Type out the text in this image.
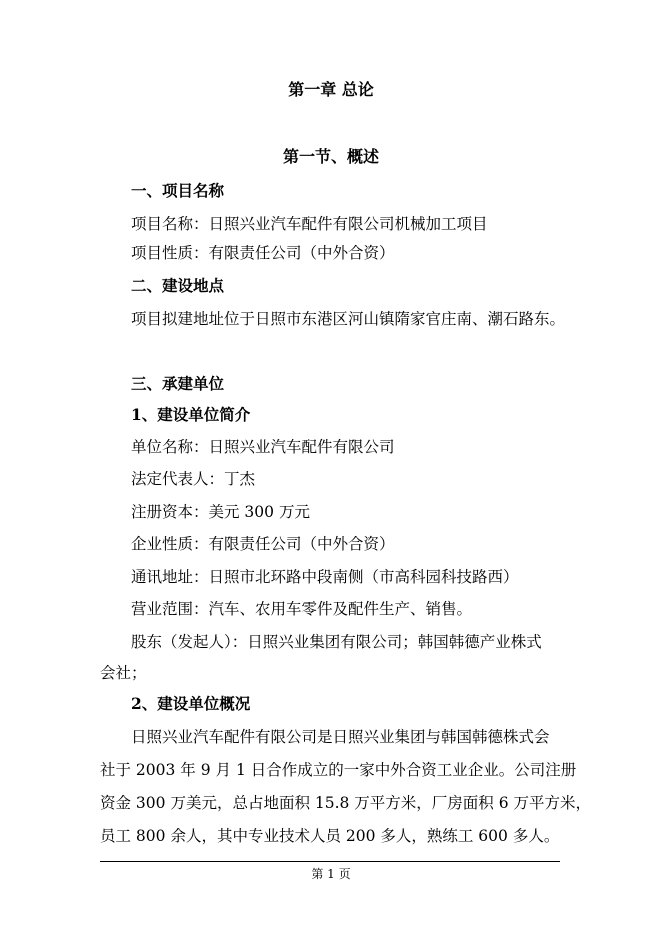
第一章 总论
第一节、概述
一、项目名称
项目名称：日照兴业汽车配件有限公司机械加工项目
项目性质：有限责任公司（中外合资）
二、建设地点
项目拟建地址位于日照市东港区河山镇隋家官庄南、潮石路东。
三、承建单位
1、建设单位简介
单位名称：日照兴业汽车配件有限公司
法定代表人：丁杰
注册资本：美元 300 万元
企业性质：有限责任公司（中外合资）
通讯地址：日照市北环路中段南侧（市高科园科技路西）
营业范围：汽车、农用车零件及配件生产、销售。
股东（发起人）：日照兴业集团有限公司；韩国韩德产业株式
会社；
2、建设单位概况
日照兴业汽车配件有限公司是日照兴业集团与韩国韩德株式会
社于 2003 年 9 月 1 日合作成立的一家中外合资工业企业。公司注册
资金 300 万美元，总占地面积 15.8 万平方米，厂房面积 6 万平方米，
员工 800 余人，其中专业技术人员 200 多人，熟练工 600 多人。
第 1 页
